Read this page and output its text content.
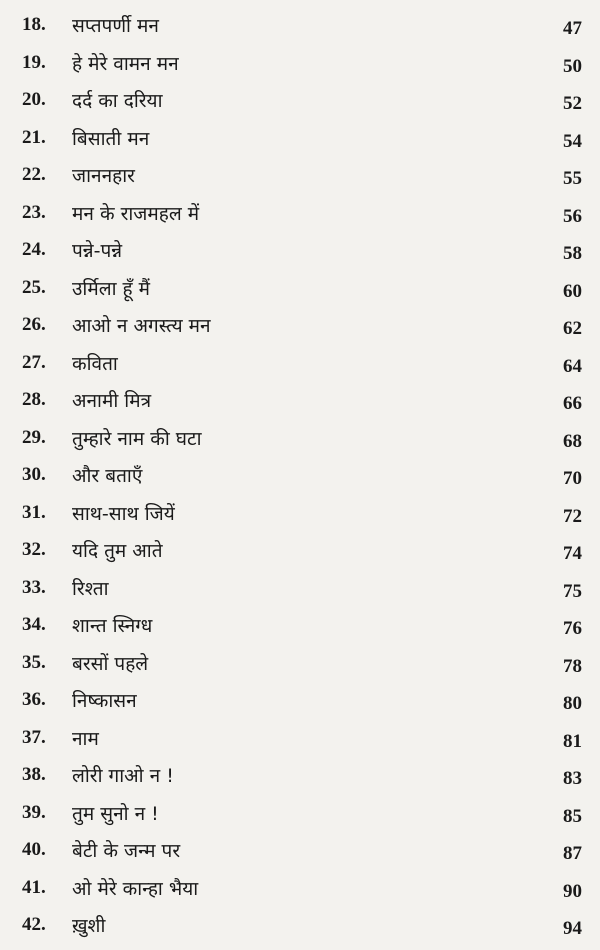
18. सप्तपर्णी मन	47
19. हे मेरे वामन मन	50
20. दर्द का दरिया	52
21. बिसाती मन	54
22. जाननहार	55
23. मन के राजमहल में	56
24. पन्ने-पन्ने	58
25. उर्मिला हूँ मैं	60
26. आओ न अगस्त्य मन	62
27. कविता	64
28. अनामी मित्र	66
29. तुम्हारे नाम की घटा	68
30. और बताएँ	70
31. साथ-साथ जियें	72
32. यदि तुम आते	74
33. रिश्ता	75
34. शान्त स्निग्ध	76
35. बरसों पहले	78
36. निष्कासन	80
37. नाम	81
38. लोरी गाओ न !	83
39. तुम सुनो न !	85
40. बेटी के जन्म पर	87
41. ओ मेरे कान्हा भैया	90
42. ख़ुशी	94
